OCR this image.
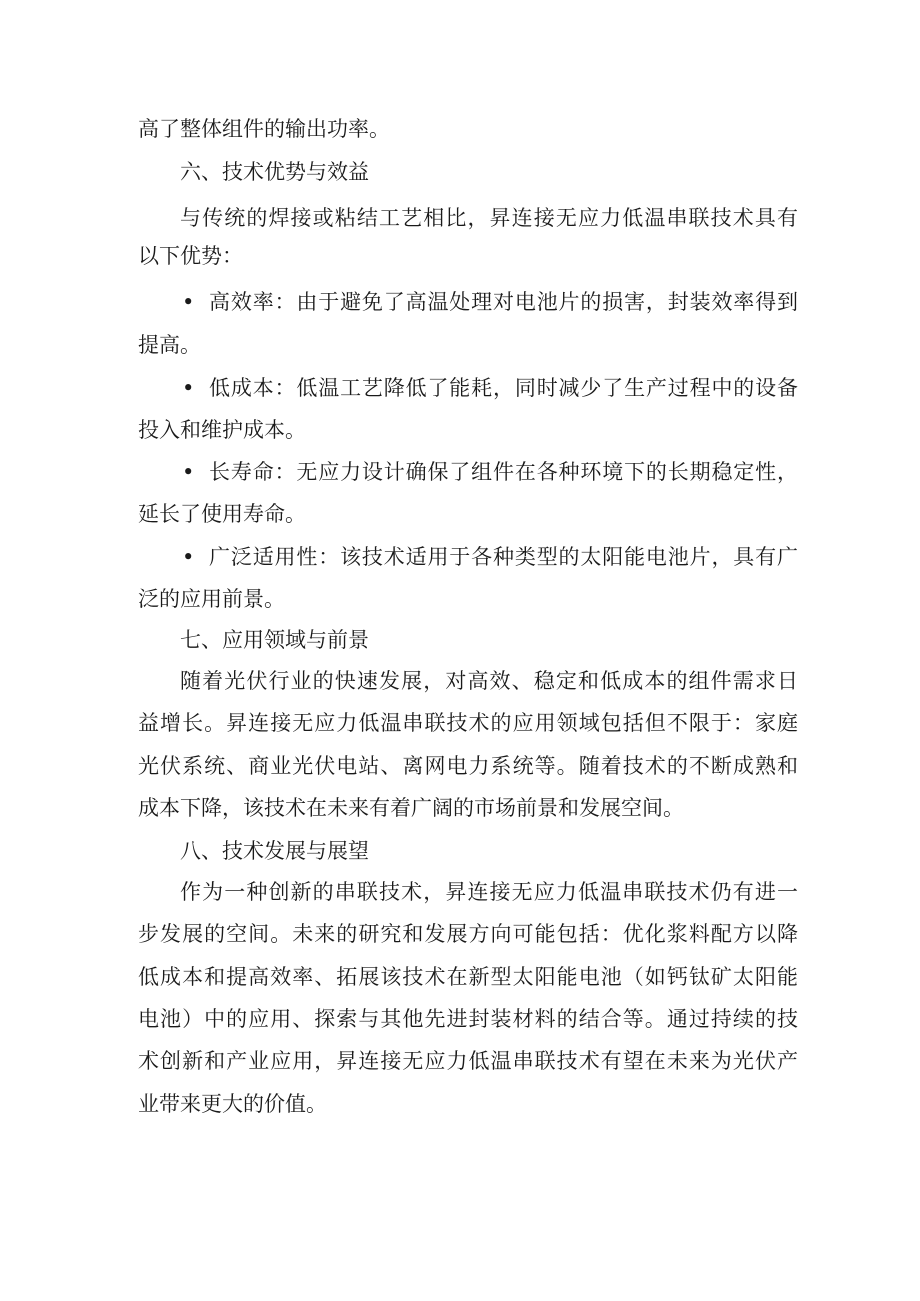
高了整体组件的输出功率。
六、技术优势与效益
与传统的焊接或粘结工艺相比，昇连接无应力低温串联技术具有
以下优势：
• 高效率：由于避免了高温处理对电池片的损害，封装效率得到
提高。
• 低成本：低温工艺降低了能耗，同时减少了生产过程中的设备
投入和维护成本。
• 长寿命：无应力设计确保了组件在各种环境下的长期稳定性，
延长了使用寿命。
• 广泛适用性：该技术适用于各种类型的太阳能电池片，具有广
泛的应用前景。
七、应用领域与前景
随着光伏行业的快速发展，对高效、稳定和低成本的组件需求日
益增长。昇连接无应力低温串联技术的应用领域包括但不限于：家庭
光伏系统、商业光伏电站、离网电力系统等。随着技术的不断成熟和
成本下降，该技术在未来有着广阔的市场前景和发展空间。
八、技术发展与展望
作为一种创新的串联技术，昇连接无应力低温串联技术仍有进一
步发展的空间。未来的研究和发展方向可能包括：优化浆料配方以降
低成本和提高效率、拓展该技术在新型太阳能电池（如钙钛矿太阳能
电池）中的应用、探索与其他先进封装材料的结合等。通过持续的技
术创新和产业应用，昇连接无应力低温串联技术有望在未来为光伏产
业带来更大的价值。
